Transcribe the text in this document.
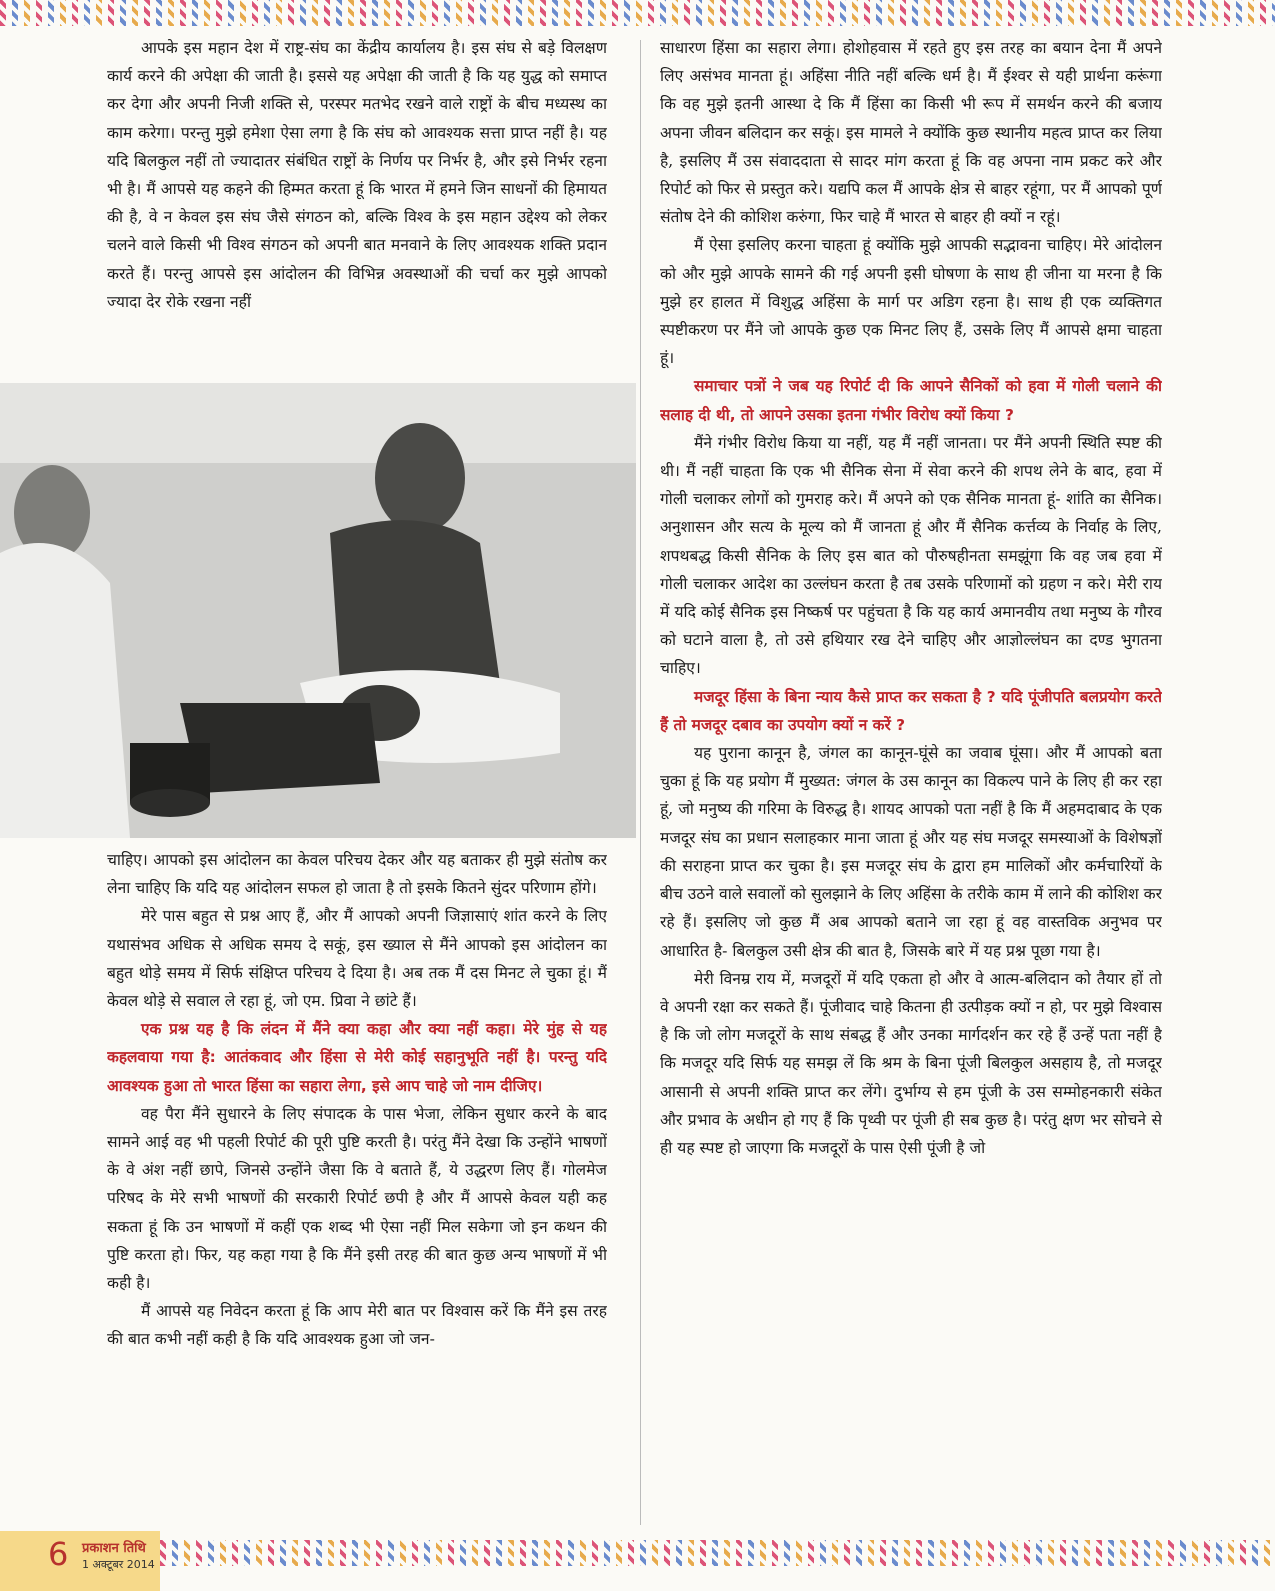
आपके इस महान देश में राष्ट्र-संघ का केंद्रीय कार्यालय है। इस संघ से बड़े विलक्षण कार्य करने की अपेक्षा की जाती है। इससे यह अपेक्षा की जाती है कि यह युद्ध को समाप्त कर देगा और अपनी निजी शक्ति से, परस्पर मतभेद रखने वाले राष्ट्रों के बीच मध्यस्थ का काम करेगा। परन्तु मुझे हमेशा ऐसा लगा है कि संघ को आवश्यक सत्ता प्राप्त नहीं है। यह यदि बिलकुल नहीं तो ज्यादातर संबंधित राष्ट्रों के निर्णय पर निर्भर है, और इसे निर्भर रहना भी है। मैं आपसे यह कहने की हिम्मत करता हूं कि भारत में हमने जिन साधनों की हिमायत की है, वे न केवल इस संघ जैसे संगठन को, बल्कि विश्व के इस महान उद्देश्य को लेकर चलने वाले किसी भी विश्व संगठन को अपनी बात मनवाने के लिए आवश्यक शक्ति प्रदान करते हैं। परन्तु आपसे इस आंदोलन की विभिन्न अवस्थाओं की चर्चा कर मुझे आपको ज्यादा देर रोके रखना नहीं

चाहिए। आपको इस आंदोलन का केवल परिचय देकर और यह बताकर ही मुझे संतोष कर लेना चाहिए कि यदि यह आंदोलन सफल हो जाता है तो इसके कितने सुंदर परिणाम होंगे।

मेरे पास बहुत से प्रश्न आए हैं, और मैं आपको अपनी जिज्ञासाएं शांत करने के लिए यथासंभव अधिक से अधिक समय दे सकूं, इस ख्याल से मैंने आपको इस आंदोलन का बहुत थोड़े समय में सिर्फ संक्षिप्त परिचय दे दिया है। अब तक मैं दस मिनट ले चुका हूं। मैं केवल थोड़े से सवाल ले रहा हूं, जो एम. प्रिवा ने छांटे हैं।

एक प्रश्न यह है कि लंदन में मैंने क्या कहा और क्या नहीं कहा। मेरे मुंह से यह कहलवाया गया है: आतंकवाद और हिंसा से मेरी कोई सहानुभूति नहीं है। परन्तु यदि आवश्यक हुआ तो भारत हिंसा का सहारा लेगा, इसे आप चाहे जो नाम दीजिए।

वह पैरा मैंने सुधारने के लिए संपादक के पास भेजा, लेकिन सुधार करने के बाद सामने आई वह भी पहली रिपोर्ट की पूरी पुष्टि करती है। परंतु मैंने देखा कि उन्होंने भाषणों के वे अंश नहीं छापे, जिनसे उन्होंने जैसा कि वे बताते हैं, ये उद्धरण लिए हैं। गोलमेज परिषद के मेरे सभी भाषणों की सरकारी रिपोर्ट छपी है और मैं आपसे केवल यही कह सकता हूं कि उन भाषणों में कहीं एक शब्द भी ऐसा नहीं मिल सकेगा जो इन कथन की पुष्टि करता हो। फिर, यह कहा गया है कि मैंने इसी तरह की बात कुछ अन्य भाषणों में भी कही है।

मैं आपसे यह निवेदन करता हूं कि आप मेरी बात पर विश्वास करें कि मैंने इस तरह की बात कभी नहीं कही है कि यदि आवश्यक हुआ जो जन-

साधारण हिंसा का सहारा लेगा। होशोहवास में रहते हुए इस तरह का बयान देना मैं अपने लिए असंभव मानता हूं। अहिंसा नीति नहीं बल्कि धर्म है। मैं ईश्वर से यही प्रार्थना करूंगा कि वह मुझे इतनी आस्था दे कि मैं हिंसा का किसी भी रूप में समर्थन करने की बजाय अपना जीवन बलिदान कर सकूं। इस मामले ने क्योंकि कुछ स्थानीय महत्व प्राप्त कर लिया है, इसलिए मैं उस संवाददाता से सादर मांग करता हूं कि वह अपना नाम प्रकट करे और रिपोर्ट को फिर से प्रस्तुत करे। यद्यपि कल मैं आपके क्षेत्र से बाहर रहूंगा, पर मैं आपको पूर्ण संतोष देने की कोशिश करुंगा, फिर चाहे मैं भारत से बाहर ही क्यों न रहूं।

मैं ऐसा इसलिए करना चाहता हूं क्योंकि मुझे आपकी सद्भावना चाहिए। मेरे आंदोलन को और मुझे आपके सामने की गई अपनी इसी घोषणा के साथ ही जीना या मरना है कि मुझे हर हालत में विशुद्ध अहिंसा के मार्ग पर अडिग रहना है। साथ ही एक व्यक्तिगत स्पष्टीकरण पर मैंने जो आपके कुछ एक मिनट लिए हैं, उसके लिए मैं आपसे क्षमा चाहता हूं।

समाचार पत्रों ने जब यह रिपोर्ट दी कि आपने सैनिकों को हवा में गोली चलाने की सलाह दी थी, तो आपने उसका इतना गंभीर विरोध क्यों किया ?

मैंने गंभीर विरोध किया या नहीं, यह मैं नहीं जानता। पर मैंने अपनी स्थिति स्पष्ट की थी। मैं नहीं चाहता कि एक भी सैनिक सेना में सेवा करने की शपथ लेने के बाद, हवा में गोली चलाकर लोगों को गुमराह करे। मैं अपने को एक सैनिक मानता हूं- शांति का सैनिक। अनुशासन और सत्य के मूल्य को मैं जानता हूं और मैं सैनिक कर्त्तव्य के निर्वाह के लिए, शपथबद्ध किसी सैनिक के लिए इस बात को पौरुषहीनता समझूंगा कि वह जब हवा में गोली चलाकर आदेश का उल्लंघन करता है तब उसके परिणामों को ग्रहण न करे। मेरी राय में यदि कोई सैनिक इस निष्कर्ष पर पहुंचता है कि यह कार्य अमानवीय तथा मनुष्य के गौरव को घटाने वाला है, तो उसे हथियार रख देने चाहिए और आज्ञोल्लंघन का दण्ड भुगतना चाहिए।

मजदूर हिंसा के बिना न्याय कैसे प्राप्त कर सकता है ? यदि पूंजीपति बलप्रयोग करते हैं तो मजदूर दबाव का उपयोग क्यों न करें ?

यह पुराना कानून है, जंगल का कानून-घूंसे का जवाब घूंसा। और मैं आपको बता चुका हूं कि यह प्रयोग मैं मुख्यत: जंगल के उस कानून का विकल्प पाने के लिए ही कर रहा हूं, जो मनुष्य की गरिमा के विरुद्ध है। शायद आपको पता नहीं है कि मैं अहमदाबाद के एक मजदूर संघ का प्रधान सलाहकार माना जाता हूं और यह संघ मजदूर समस्याओं के विशेषज्ञों की सराहना प्राप्त कर चुका है। इस मजदूर संघ के द्वारा हम मालिकों और कर्मचारियों के बीच उठने वाले सवालों को सुलझाने के लिए अहिंसा के तरीके काम में लाने की कोशिश कर रहे हैं। इसलिए जो कुछ मैं अब आपको बताने जा रहा हूं वह वास्तविक अनुभव पर आधारित है- बिलकुल उसी क्षेत्र की बात है, जिसके बारे में यह प्रश्न पूछा गया है।

मेरी विनम्र राय में, मजदूरों में यदि एकता हो और वे आत्म-बलिदान को तैयार हों तो वे अपनी रक्षा कर सकते हैं। पूंजीवाद चाहे कितना ही उत्पीड़क क्यों न हो, पर मुझे विश्वास है कि जो लोग मजदूरों के साथ संबद्ध हैं और उनका मार्गदर्शन कर रहे हैं उन्हें पता नहीं है कि मजदूर यदि सिर्फ यह समझ लें कि श्रम के बिना पूंजी बिलकुल असहाय है, तो मजदूर आसानी से अपनी शक्ति प्राप्त कर लेंगे। दुर्भाग्य से हम पूंजी के उस सम्मोहनकारी संकेत और प्रभाव के अधीन हो गए हैं कि पृथ्वी पर पूंजी ही सब कुछ है। परंतु क्षण भर सोचने से ही यह स्पष्ट हो जाएगा कि मजदूरों के पास ऐसी पूंजी है जो

6 प्रकाशन तिथि
1 अक्टूबर 2014
